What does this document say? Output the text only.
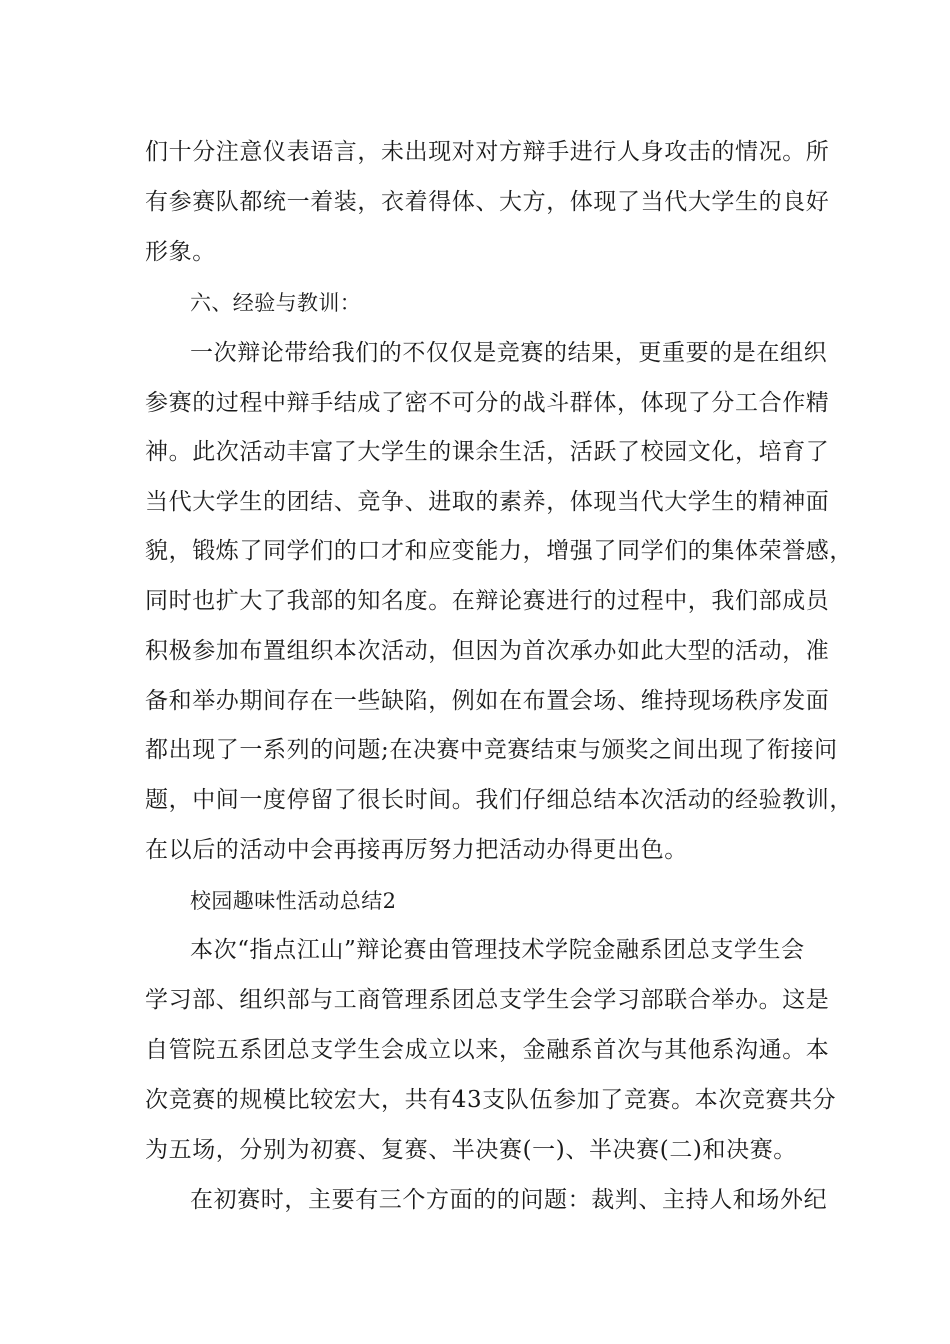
们十分注意仪表语言，未出现对对方辩手进行人身攻击的情况。所
有参赛队都统一着装，衣着得体、大方，体现了当代大学生的良好
形象。
六、经验与教训：
一次辩论带给我们的不仅仅是竞赛的结果，更重要的是在组织
参赛的过程中辩手结成了密不可分的战斗群体，体现了分工合作精
神。此次活动丰富了大学生的课余生活，活跃了校园文化，培育了
当代大学生的团结、竞争、进取的素养，体现当代大学生的精神面
貌，锻炼了同学们的口才和应变能力，增强了同学们的集体荣誉感，
同时也扩大了我部的知名度。在辩论赛进行的过程中，我们部成员
积极参加布置组织本次活动，但因为首次承办如此大型的活动，准
备和举办期间存在一些缺陷，例如在布置会场、维持现场秩序发面
都出现了一系列的问题;在决赛中竞赛结束与颁奖之间出现了衔接问
题，中间一度停留了很长时间。我们仔细总结本次活动的经验教训，
在以后的活动中会再接再厉努力把活动办得更出色。
校园趣味性活动总结2
本次“指点江山”辩论赛由管理技术学院金融系团总支学生会
学习部、组织部与工商管理系团总支学生会学习部联合举办。这是
自管院五系团总支学生会成立以来，金融系首次与其他系沟通。本
次竞赛的规模比较宏大，共有43支队伍参加了竞赛。本次竞赛共分
为五场，分别为初赛、复赛、半决赛(一)、半决赛(二)和决赛。
在初赛时，主要有三个方面的的问题：裁判、主持人和场外纪
